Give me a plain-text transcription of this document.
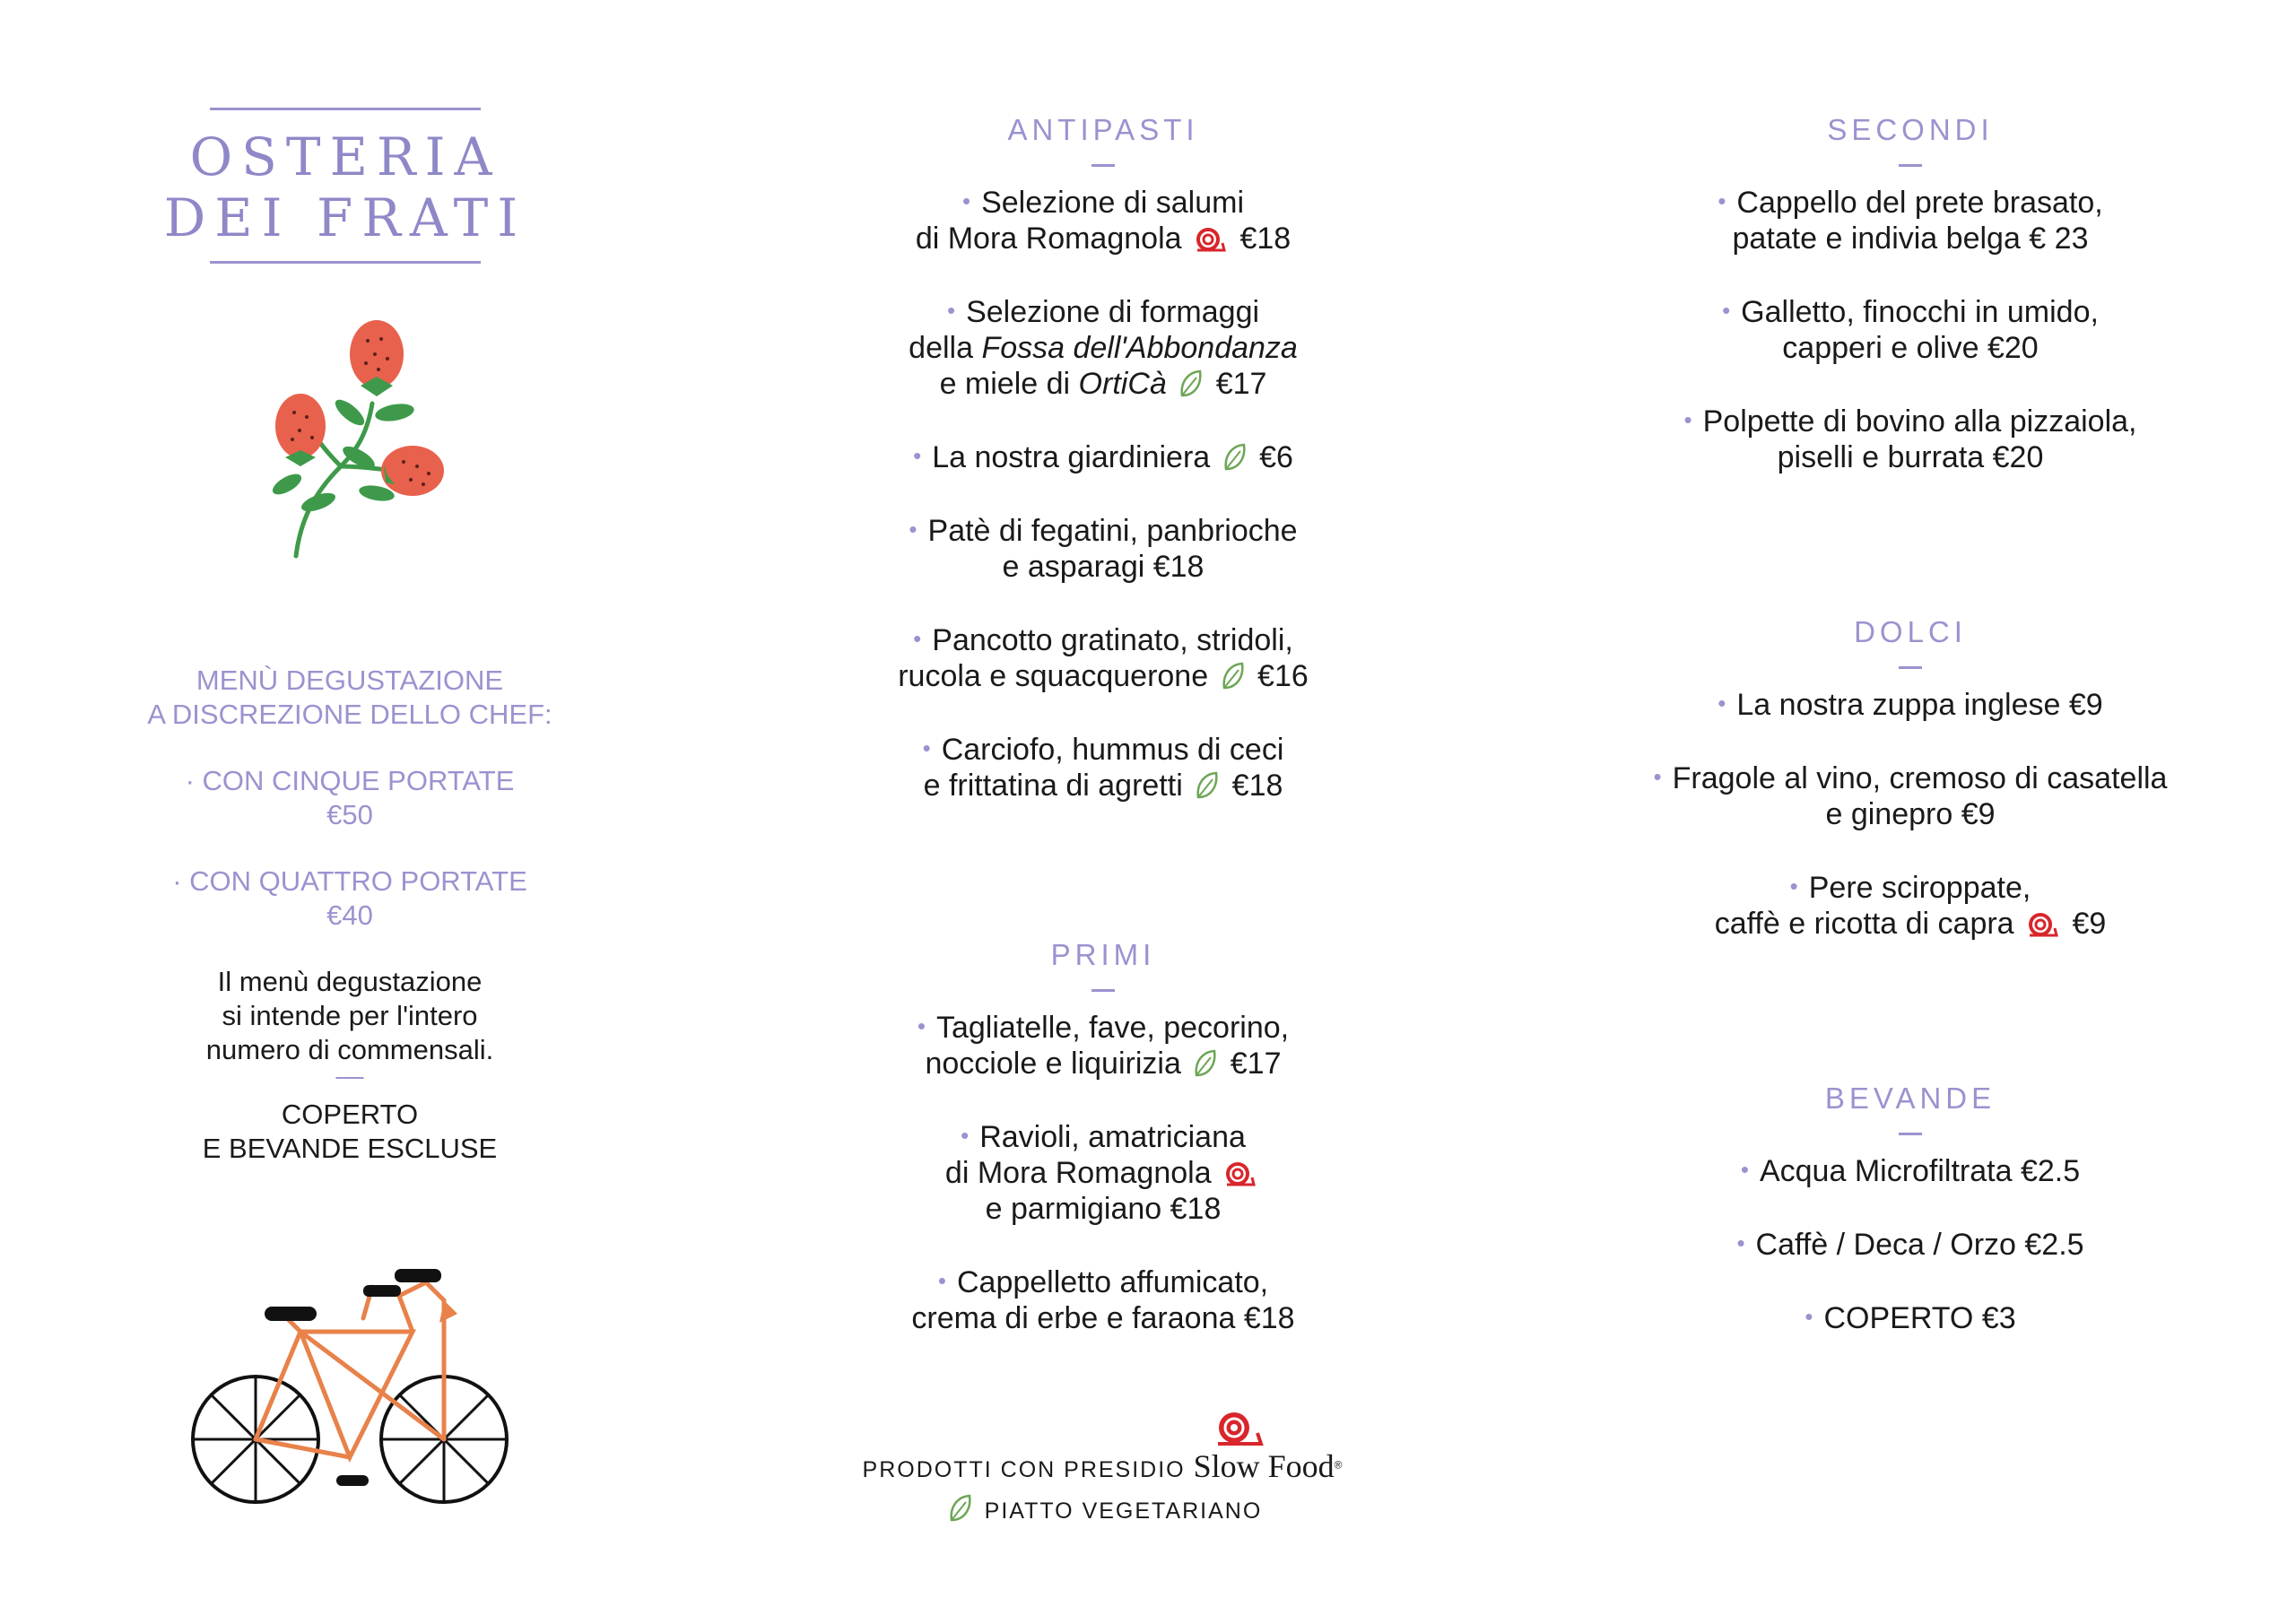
OSTERIA DEI FRATI
MENÙ DEGUSTAZIONE
A DISCREZIONE DELLO CHEF:
· CON CINQUE PORTATE
€50
· CON QUATTRO PORTATE
€40
Il menù degustazione
si intende per l'intero
numero di commensali.
—
COPERTO
E BEVANDE ESCLUSE
ANTIPASTI
• Selezione di salumi
di Mora Romagnola €18
• Selezione di formaggi
della Fossa dell'Abbondanza
e miele di OrtiCà €17
• La nostra giardiniera €6
• Patè di fegatini, panbrioche
e asparagi €18
• Pancotto gratinato, stridoli,
rucola e squacquerone €16
• Carciofo, hummus di ceci
e frittatina di agretti €18
PRIMI
• Tagliatelle, fave, pecorino,
nocciole e liquirizia €17
• Ravioli, amatriciana
di Mora Romagnola
e parmigiano €18
• Cappelletto affumicato,
crema di erbe e faraona €18
PRODOTTI CON PRESIDIO Slow Food®
PIATTO VEGETARIANO
SECONDI
• Cappello del prete brasato,
patate e indivia belga € 23
• Galletto, finocchi in umido,
capperi e olive €20
• Polpette di bovino alla pizzaiola,
piselli e burrata €20
DOLCI
• La nostra zuppa inglese €9
• Fragole al vino, cremoso di casatella
e ginepro €9
• Pere sciroppate,
caffè e ricotta di capra €9
BEVANDE
• Acqua Microfiltrata €2.5
• Caffè / Deca / Orzo €2.5
• COPERTO €3
